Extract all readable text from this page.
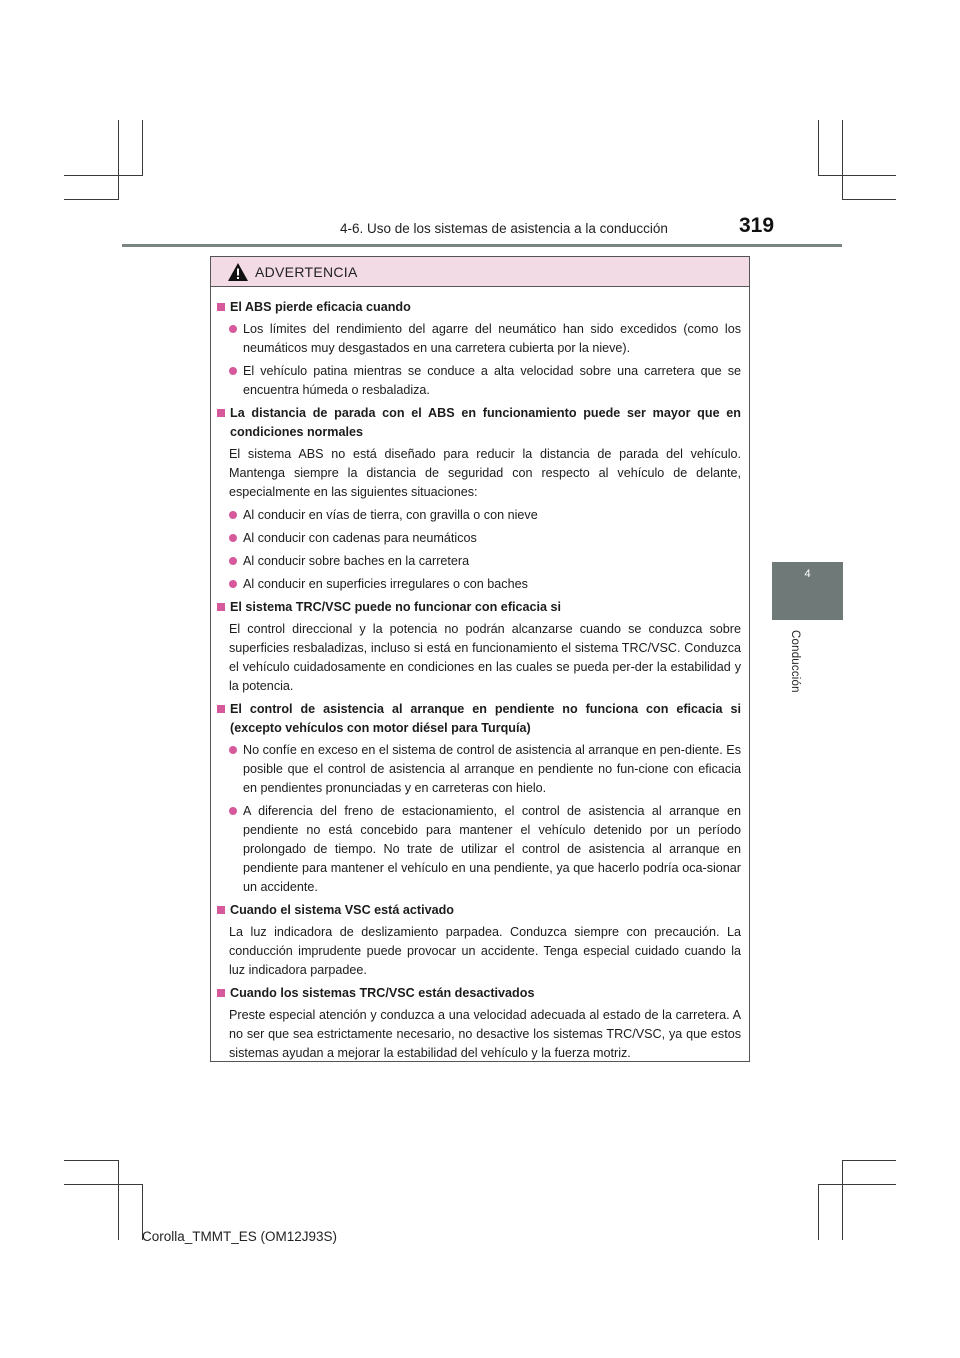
4-6. Uso de los sistemas de asistencia a la conducción	319
4
Conducción
ADVERTENCIA
El ABS pierde eficacia cuando
Los límites del rendimiento del agarre del neumático han sido excedidos (como los neumáticos muy desgastados en una carretera cubierta por la nieve).
El vehículo patina mientras se conduce a alta velocidad sobre una carretera que se encuentra húmeda o resbaladiza.
La distancia de parada con el ABS en funcionamiento puede ser mayor que en condiciones normales
El sistema ABS no está diseñado para reducir la distancia de parada del vehículo. Mantenga siempre la distancia de seguridad con respecto al vehículo de delante, especialmente en las siguientes situaciones:
Al conducir en vías de tierra, con gravilla o con nieve
Al conducir con cadenas para neumáticos
Al conducir sobre baches en la carretera
Al conducir en superficies irregulares o con baches
El sistema TRC/VSC puede no funcionar con eficacia si
El control direccional y la potencia no podrán alcanzarse cuando se conduzca sobre superficies resbaladizas, incluso si está en funcionamiento el sistema TRC/VSC. Conduzca el vehículo cuidadosamente en condiciones en las cuales se pueda per-der la estabilidad y la potencia.
El control de asistencia al arranque en pendiente no funciona con eficacia si (excepto vehículos con motor diésel para Turquía)
No confíe en exceso en el sistema de control de asistencia al arranque en pen-diente. Es posible que el control de asistencia al arranque en pendiente no fun-cione con eficacia en pendientes pronunciadas y en carreteras con hielo.
A diferencia del freno de estacionamiento, el control de asistencia al arranque en pendiente no está concebido para mantener el vehículo detenido por un período prolongado de tiempo. No trate de utilizar el control de asistencia al arranque en pendiente para mantener el vehículo en una pendiente, ya que hacerlo podría oca-sionar un accidente.
Cuando el sistema VSC está activado
La luz indicadora de deslizamiento parpadea. Conduzca siempre con precaución. La conducción imprudente puede provocar un accidente. Tenga especial cuidado cuando la luz indicadora parpadee.
Cuando los sistemas TRC/VSC están desactivados
Preste especial atención y conduzca a una velocidad adecuada al estado de la carretera. A no ser que sea estrictamente necesario, no desactive los sistemas TRC/VSC, ya que estos sistemas ayudan a mejorar la estabilidad del vehículo y la fuerza motriz.
Corolla_TMMT_ES (OM12J93S)
